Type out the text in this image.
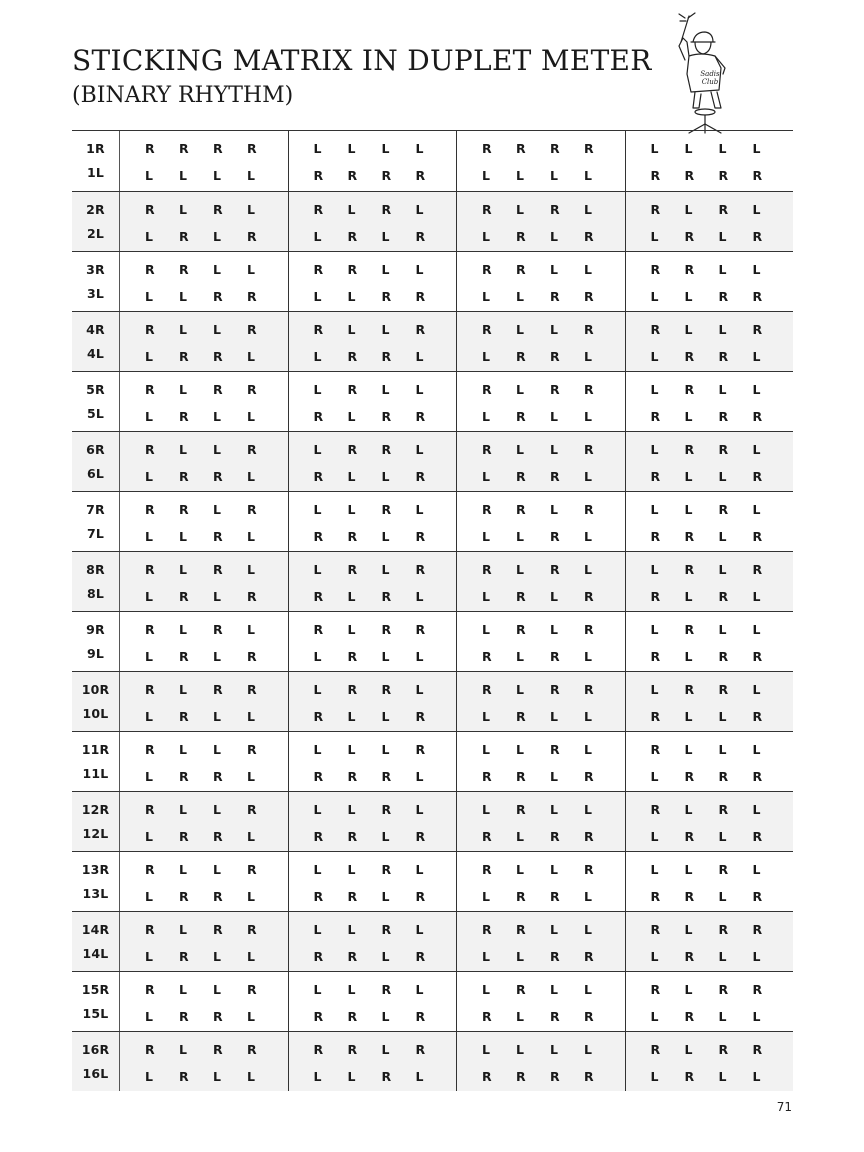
STICKING MATRIX IN DUPLET METER
(BINARY RHYTHM)
Sadis
Club
1R
1L
R	R	R	R
L	L	L	L
L	L	L	L
R	R	R	R
R	R	R	R
L	L	L	L
L	L	L	L
R	R	R	R
2R
2L
R	L	R	L
L	R	L	R
R	L	R	L
L	R	L	R
R	L	R	L
L	R	L	R
R	L	R	L
L	R	L	R
3R
3L
R	R	L	L
L	L	R	R
R	R	L	L
L	L	R	R
R	R	L	L
L	L	R	R
R	R	L	L
L	L	R	R
4R
4L
R	L	L	R
L	R	R	L
R	L	L	R
L	R	R	L
R	L	L	R
L	R	R	L
R	L	L	R
L	R	R	L
5R
5L
R	L	R	R
L	R	L	L
L	R	L	L
R	L	R	R
R	L	R	R
L	R	L	L
L	R	L	L
R	L	R	R
6R
6L
R	L	L	R
L	R	R	L
L	R	R	L
R	L	L	R
R	L	L	R
L	R	R	L
L	R	R	L
R	L	L	R
7R
7L
R	R	L	R
L	L	R	L
L	L	R	L
R	R	L	R
R	R	L	R
L	L	R	L
L	L	R	L
R	R	L	R
8R
8L
R	L	R	L
L	R	L	R
L	R	L	R
R	L	R	L
R	L	R	L
L	R	L	R
L	R	L	R
R	L	R	L
9R
9L
R	L	R	L
L	R	L	R
R	L	R	R
L	R	L	L
L	R	L	R
R	L	R	L
L	R	L	L
R	L	R	R
10R
10L
R	L	R	R
L	R	L	L
L	R	R	L
R	L	L	R
R	L	R	R
L	R	L	L
L	R	R	L
R	L	L	R
11R
11L
R	L	L	R
L	R	R	L
L	L	L	R
R	R	R	L
L	L	R	L
R	R	L	R
R	L	L	L
L	R	R	R
12R
12L
R	L	L	R
L	R	R	L
L	L	R	L
R	R	L	R
L	R	L	L
R	L	R	R
R	L	R	L
L	R	L	R
13R
13L
R	L	L	R
L	R	R	L
L	L	R	L
R	R	L	R
R	L	L	R
L	R	R	L
L	L	R	L
R	R	L	R
14R
14L
R	L	R	R
L	R	L	L
L	L	R	L
R	R	L	R
R	R	L	L
L	L	R	R
R	L	R	R
L	R	L	L
15R
15L
R	L	L	R
L	R	R	L
L	L	R	L
R	R	L	R
L	R	L	L
R	L	R	R
R	L	R	R
L	R	L	L
16R
16L
R	L	R	R
L	R	L	L
R	R	L	R
L	L	R	L
L	L	L	L
R	R	R	R
R	L	R	R
L	R	L	L
71
